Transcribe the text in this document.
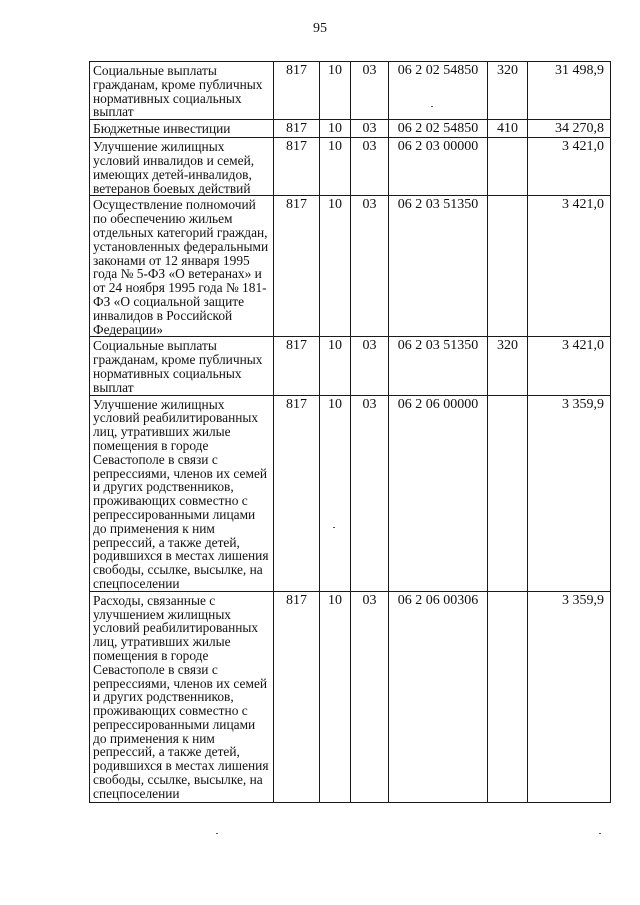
95
Социальные выплаты гражданам, кроме публичных нормативных социальных выплат	817	10	03	06 2 02 54850	320	31 498,9
Бюджетные инвестиции	817	10	03	06 2 02 54850	410	34 270,8
Улучшение жилищных условий инвалидов и семей, имеющих детей-инвалидов, ветеранов боевых действий	817	10	03	06 2 03 00000		3 421,0
Осуществление полномочий по обеспечению жильем отдельных категорий граждан, установленных федеральными законами от 12 января 1995 года № 5-ФЗ «О ветеранах» и от 24 ноября 1995 года № 181-ФЗ «О социальной защите инвалидов в Российской Федерации»	817	10	03	06 2 03 51350		3 421,0
Социальные выплаты гражданам, кроме публичных нормативных социальных выплат	817	10	03	06 2 03 51350	320	3 421,0
Улучшение жилищных условий реабилитированных лиц, утративших жилые помещения в городе Севастополе в связи с репрессиями, членов их семей и других родственников, проживающих совместно с репрессированными лицами до применения к ним репрессий, а также детей, родившихся в местах лишения свободы, ссылке, высылке, на спецпоселении	817	10	03	06 2 06 00000		3 359,9
Расходы, связанные с улучшением жилищных условий реабилитированных лиц, утративших жилые помещения в городе Севастополе в связи с репрессиями, членов их семей и других родственников, проживающих совместно с репрессированными лицами до применения к ним репрессий, а также детей, родившихся в местах лишения свободы, ссылке, высылке, на спецпоселении	817	10	03	06 2 06 00306		3 359,9
